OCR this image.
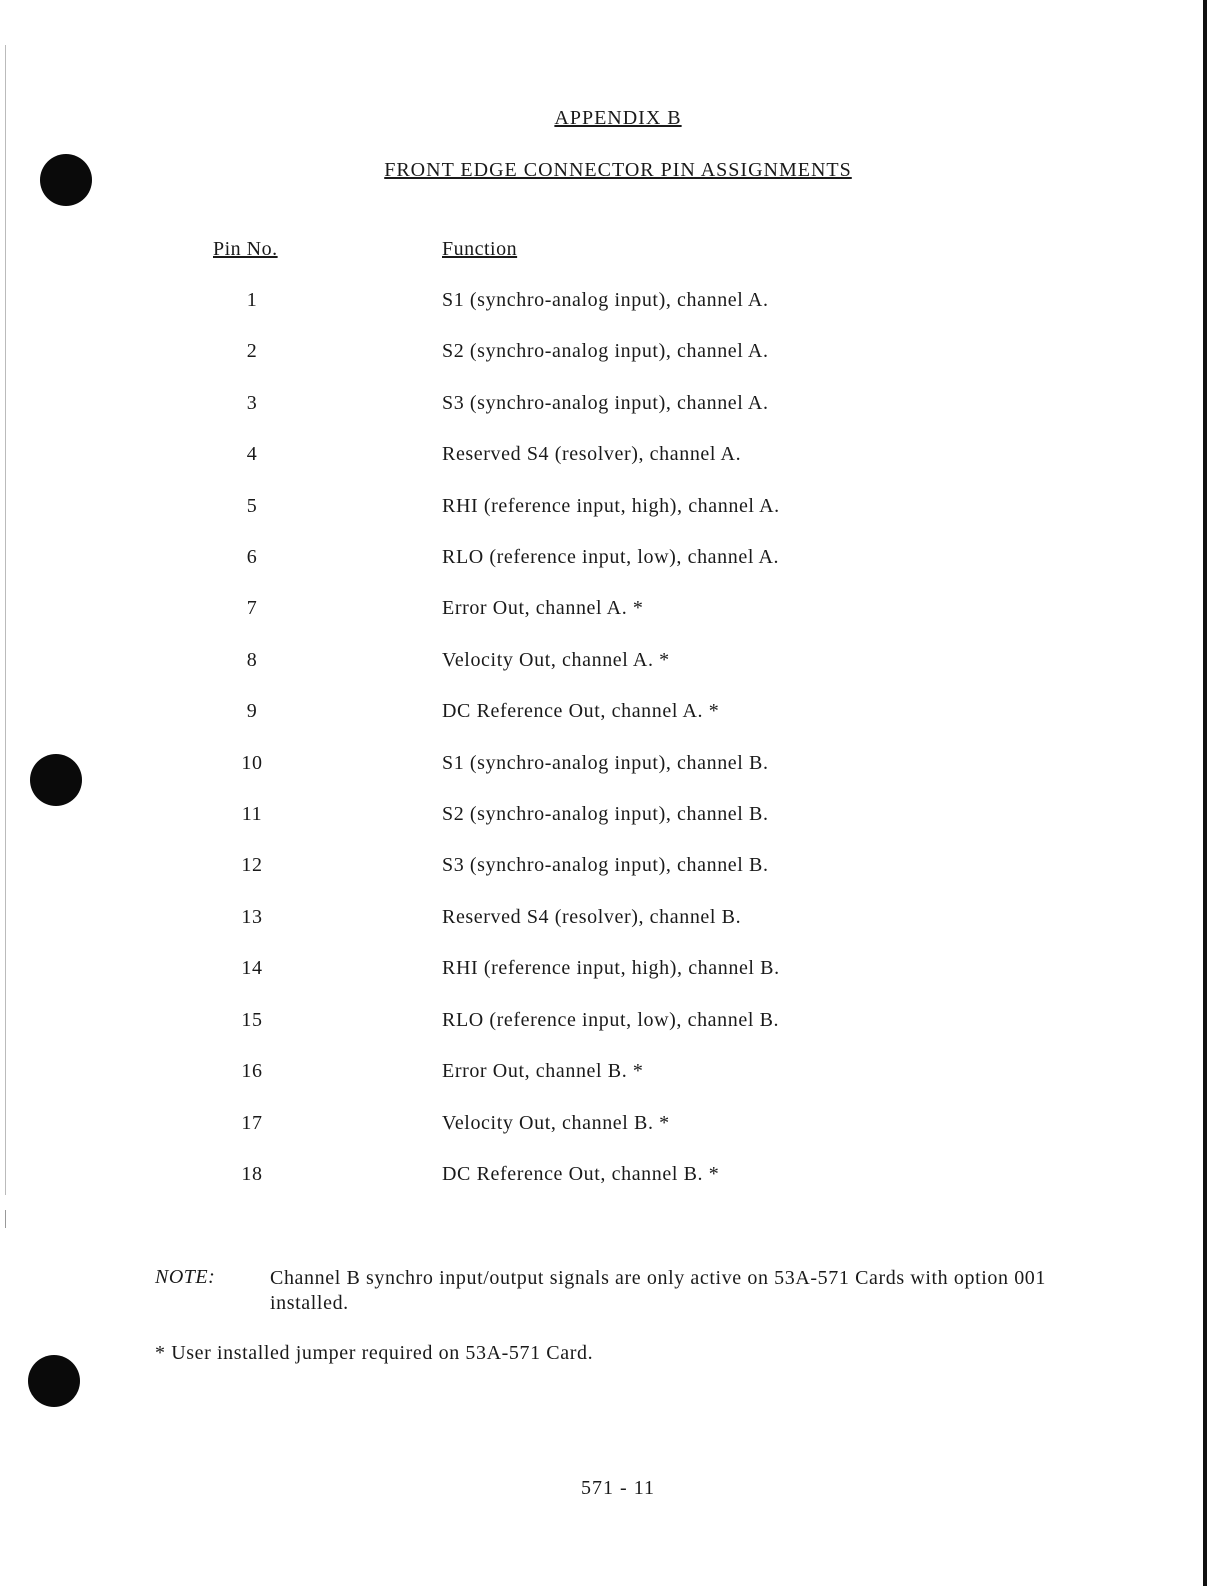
APPENDIX B
FRONT EDGE CONNECTOR PIN ASSIGNMENTS
Pin No.	Function
1	S1 (synchro-analog input), channel A.
2	S2 (synchro-analog input), channel A.
3	S3 (synchro-analog input), channel A.
4	Reserved S4 (resolver), channel A.
5	RHI (reference input, high), channel A.
6	RLO (reference input, low), channel A.
7	Error Out, channel A. *
8	Velocity Out, channel A. *
9	DC Reference Out, channel A. *
10	S1 (synchro-analog input), channel B.
11	S2 (synchro-analog input), channel B.
12	S3 (synchro-analog input), channel B.
13	Reserved S4 (resolver), channel B.
14	RHI (reference input, high), channel B.
15	RLO (reference input, low), channel B.
16	Error Out, channel B. *
17	Velocity Out, channel B. *
18	DC Reference Out, channel B. *
NOTE:	Channel B synchro input/output signals are only active on 53A-571 Cards with option 001 installed.
* User installed jumper required on 53A-571 Card.
571 - 11
